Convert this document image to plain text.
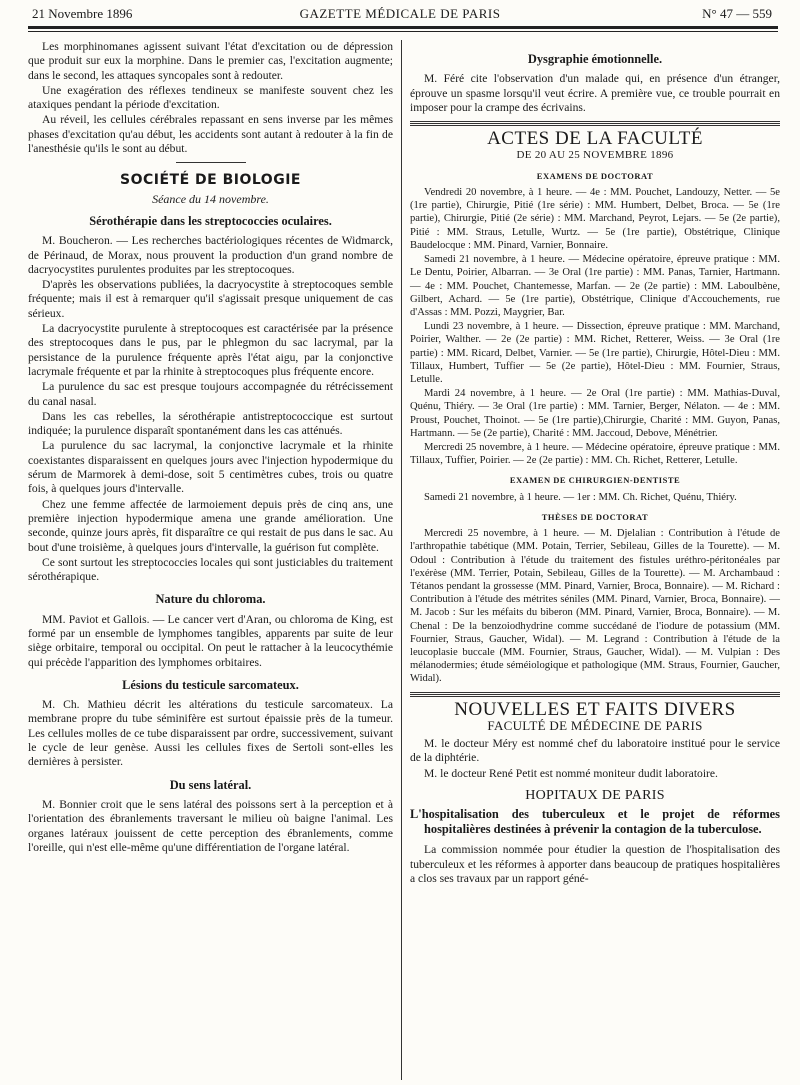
21 Novembre 1896	GAZETTE MÉDICALE DE PARIS	N° 47 — 559

Les morphinomanes agissent suivant l'état d'excitation ou de dépression que produit sur eux la morphine. Dans le premier cas, l'excitation augmente; dans le second, les attaques syncopales sont à redouter.

Une exagération des réflexes tendineux se manifeste souvent chez les ataxiques pendant la période d'excitation.

Au réveil, les cellules cérébrales repassant en sens inverse par les mêmes phases d'excitation qu'au début, les accidents sont autant à redouter à la fin de l'anesthésie qu'ils le sont au début.

SOCIÉTÉ DE BIOLOGIE
Séance du 14 novembre.
Sérothérapie dans les streptococcies oculaires.

M. Boucheron. — Les recherches bactériologiques récentes de Widmarck, de Périnaud, de Morax, nous prouvent la production d'un grand nombre de dacryocystites purulentes produites par les streptocoques.

D'après les observations publiées, la dacryocystite à streptocoques semble fréquente; mais il est à remarquer qu'il s'agissait presque uniquement de cas sérieux.

La dacryocystite purulente à streptocoques est caractérisée par la présence des streptocoques dans le pus, par le phlegmon du sac lacrymal, par la persistance de la purulence fréquente après l'état aigu, par la conjonctive lacrymale fréquente et par la rhinite à streptocoques plus fréquente encore.

La purulence du sac est presque toujours accompagnée du rétrécissement du canal nasal.

Dans les cas rebelles, la sérothérapie antistreptococcique est surtout indiquée; la purulence disparaît spontanément dans les cas atténués.

La purulence du sac lacrymal, la conjonctive lacrymale et la rhinite coexistantes disparaissent en quelques jours avec l'injection hypodermique du sérum de Marmorek à demi-dose, soit 5 centimètres cubes, trois ou quatre fois, à quelques jours d'intervalle.

Chez une femme affectée de larmoiement depuis près de cinq ans, une première injection hypodermique amena une grande amélioration. Une seconde, quinze jours après, fit disparaître ce qui restait de pus dans le sac. Au bout d'une troisième, à quelques jours d'intervalle, la guérison fut complète.

Ce sont surtout les streptococcies locales qui sont justiciables du traitement sérothérapique.

Nature du chloroma.

MM. Paviot et Gallois. — Le cancer vert d'Aran, ou chloroma de King, est formé par un ensemble de lymphomes tangibles, apparents par suite de leur siège orbitaire, temporal ou occipital. On peut le rattacher à la leucocythémie qui précède l'apparition des lymphomes orbitaires.

Lésions du testicule sarcomateux.

M. Ch. Mathieu décrit les altérations du testicule sarcomateux. La membrane propre du tube séminifère est surtout épaissie près de la tumeur. Les cellules molles de ce tube disparaissent par ordre, successivement, suivant le cycle de leur genèse. Aussi les cellules fixes de Sertoli sont-elles les dernières à persister.

Du sens latéral.

M. Bonnier croit que le sens latéral des poissons sert à la perception et à l'orientation des ébranlements traversant le milieu où baigne l'animal. Les organes latéraux jouissent de cette perception des ébranlements, comme l'oreille, qui n'est elle-même qu'une différentiation de l'organe latéral.

Dysgraphie émotionnelle.

M. Féré cite l'observation d'un malade qui, en présence d'un étranger, éprouve un spasme lorsqu'il veut écrire. A première vue, ce trouble pourrait en imposer pour la crampe des écrivains.

ACTES DE LA FACULTÉ
DE 20 AU 25 NOVEMBRE 1896
EXAMENS DE DOCTORAT

Vendredi 20 novembre, à 1 heure. — 4e : MM. Pouchet, Landouzy, Netter. — 5e (1re partie), Chirurgie, Pitié (1re série) : MM. Humbert, Delbet, Broca. — 5e (1re partie), Chirurgie, Pitié (2e série) : MM. Marchand, Peyrot, Lejars. — 5e (2e partie), Pitié : MM. Straus, Letulle, Wurtz. — 5e (1re partie), Obstétrique, Clinique Baudelocque : MM. Pinard, Varnier, Bonnaire.

Samedi 21 novembre, à 1 heure. — Médecine opératoire, épreuve pratique : MM. Le Dentu, Poirier, Albarran. — 3e Oral (1re partie) : MM. Panas, Tarnier, Hartmann. — 4e : MM. Pouchet, Chantemesse, Marfan. — 2e (2e partie) : MM. Laboulbène, Gilbert, Achard. — 5e (1re partie), Obstétrique, Clinique d'Accouchements, rue d'Assas : MM. Pozzi, Maygrier, Bar.

Lundi 23 novembre, à 1 heure. — Dissection, épreuve pratique : MM. Marchand, Poirier, Walther. — 2e (2e partie) : MM. Richet, Retterer, Weiss. — 3e Oral (1re partie) : MM. Ricard, Delbet, Varnier. — 5e (1re partie), Chirurgie, Hôtel-Dieu : MM. Tillaux, Humbert, Tuffier — 5e (2e partie), Hôtel-Dieu : MM. Fournier, Straus, Letulle.

Mardi 24 novembre, à 1 heure. — 2e Oral (1re partie) : MM. Mathias-Duval, Quénu, Thiéry. — 3e Oral (1re partie) : MM. Tarnier, Berger, Nélaton. — 4e : MM. Proust, Pouchet, Thoinot. — 5e (1re partie),Chirurgie, Charité : MM. Guyon, Panas, Hartmann. — 5e (2e partie), Charité : MM. Jaccoud, Debove, Ménétrier.

Mercredi 25 novembre, à 1 heure. — Médecine opératoire, épreuve pratique : MM. Tillaux, Tuffier, Poirier. — 2e (2e partie) : MM. Ch. Richet, Retterer, Letulle.

EXAMEN DE CHIRURGIEN-DENTISTE

Samedi 21 novembre, à 1 heure. — 1er : MM. Ch. Richet, Quénu, Thiéry.

THÈSES DE DOCTORAT

Mercredi 25 novembre, à 1 heure. — M. Djelalian : Contribution à l'étude de l'arthropathie tabétique (MM. Potain, Terrier, Sebileau, Gilles de la Tourette). — M. Odoul : Contribution à l'étude du traitement des fistules uréthro-péritonéales par l'exérèse (MM. Terrier, Potain, Sebileau, Gilles de la Tourette). — M. Archambaud : Tétanos pendant la grossesse (MM. Pinard, Varnier, Broca, Bonnaire). — M. Richard : Contribution à l'étude des métrites séniles (MM. Pinard, Varnier, Broca, Bonnaire). — M. Jacob : Sur les méfaits du biberon (MM. Pinard, Varnier, Broca, Bonnaire). — M. Chenal : De la benzoiodhydrine comme succédané de l'iodure de potassium (MM. Fournier, Straus, Gaucher, Widal). — M. Legrand : Contribution à l'étude de la leucoplasie buccale (MM. Fournier, Straus, Gaucher, Widal). — M. Vulpian : Des mélanodermies; étude séméiologique et pathologique (MM. Straus, Fournier, Gaucher, Widal).

NOUVELLES ET FAITS DIVERS
FACULTÉ DE MÉDECINE DE PARIS

M. le docteur Méry est nommé chef du laboratoire institué pour le service de la diphtérie.

M. le docteur René Petit est nommé moniteur dudit laboratoire.

HOPITAUX DE PARIS

L'hospitalisation des tuberculeux et le projet de réformes hospitalières destinées à prévenir la contagion de la tuberculose.

La commission nommée pour étudier la question de l'hospitalisation des tuberculeux et les réformes à apporter dans beaucoup de pratiques hospitalières a clos ses travaux par un rapport géné-
